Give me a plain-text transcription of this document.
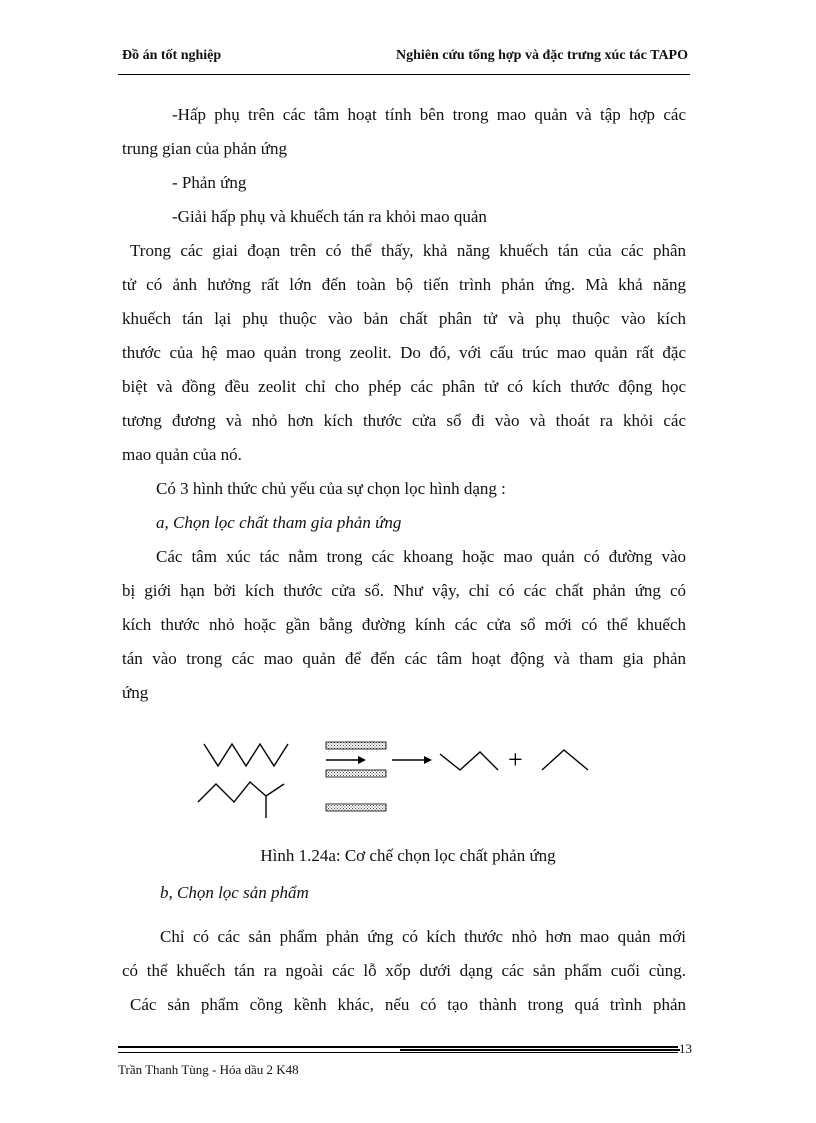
Đồ án tốt nghiệp	Nghiên cứu tổng hợp và đặc trưng xúc tác TAPO
-Hấp phụ trên các tâm hoạt tính bên trong mao quản và tập hợp các
trung gian của phản ứng
- Phản ứng
-Giải hấp phụ và khuếch tán ra khỏi mao quản
Trong các giai đoạn trên có thể thấy, khả năng khuếch tán của các phân
tử có ảnh hưởng rất lớn đến toàn bộ tiến trình phản ứng. Mà khả năng
khuếch tán lại phụ thuộc vào bản chất phân tử và phụ thuộc vào kích
thước của hệ mao quản trong zeolit. Do đó, với cấu trúc mao quản rất đặc
biệt và đồng đều zeolit chỉ cho phép các phân tử có kích thước động học
tương đương và nhỏ hơn kích thước cửa sổ đi vào và thoát ra khỏi các
mao quản của nó.
Có 3 hình thức chủ yếu của sự chọn lọc hình dạng :
a, Chọn lọc chất tham gia phản ứng
Các tâm xúc tác nằm trong các khoang hoặc mao quản có đường vào
bị giới hạn bởi kích thước cửa sổ. Như vậy, chỉ có các chất phản ứng có
kích thước nhỏ hoặc gần bằng đường kính các cửa sổ mới có thể khuếch
tán vào trong các mao quản để đến các tâm hoạt động và tham gia phản
ứng
+
Hình 1.24a: Cơ chế chọn lọc chất phản ứng
b, Chọn lọc sản phẩm
Chỉ có các sản phẩm phản ứng có kích thước nhỏ hơn mao quản mới
có thể khuếch tán ra ngoài các lỗ xốp dưới dạng các sản phẩm cuối cùng.
Các sản phẩm cồng kềnh khác, nếu có tạo thành trong quá trình phản
13
Trần Thanh Tùng - Hóa dầu 2 K48
